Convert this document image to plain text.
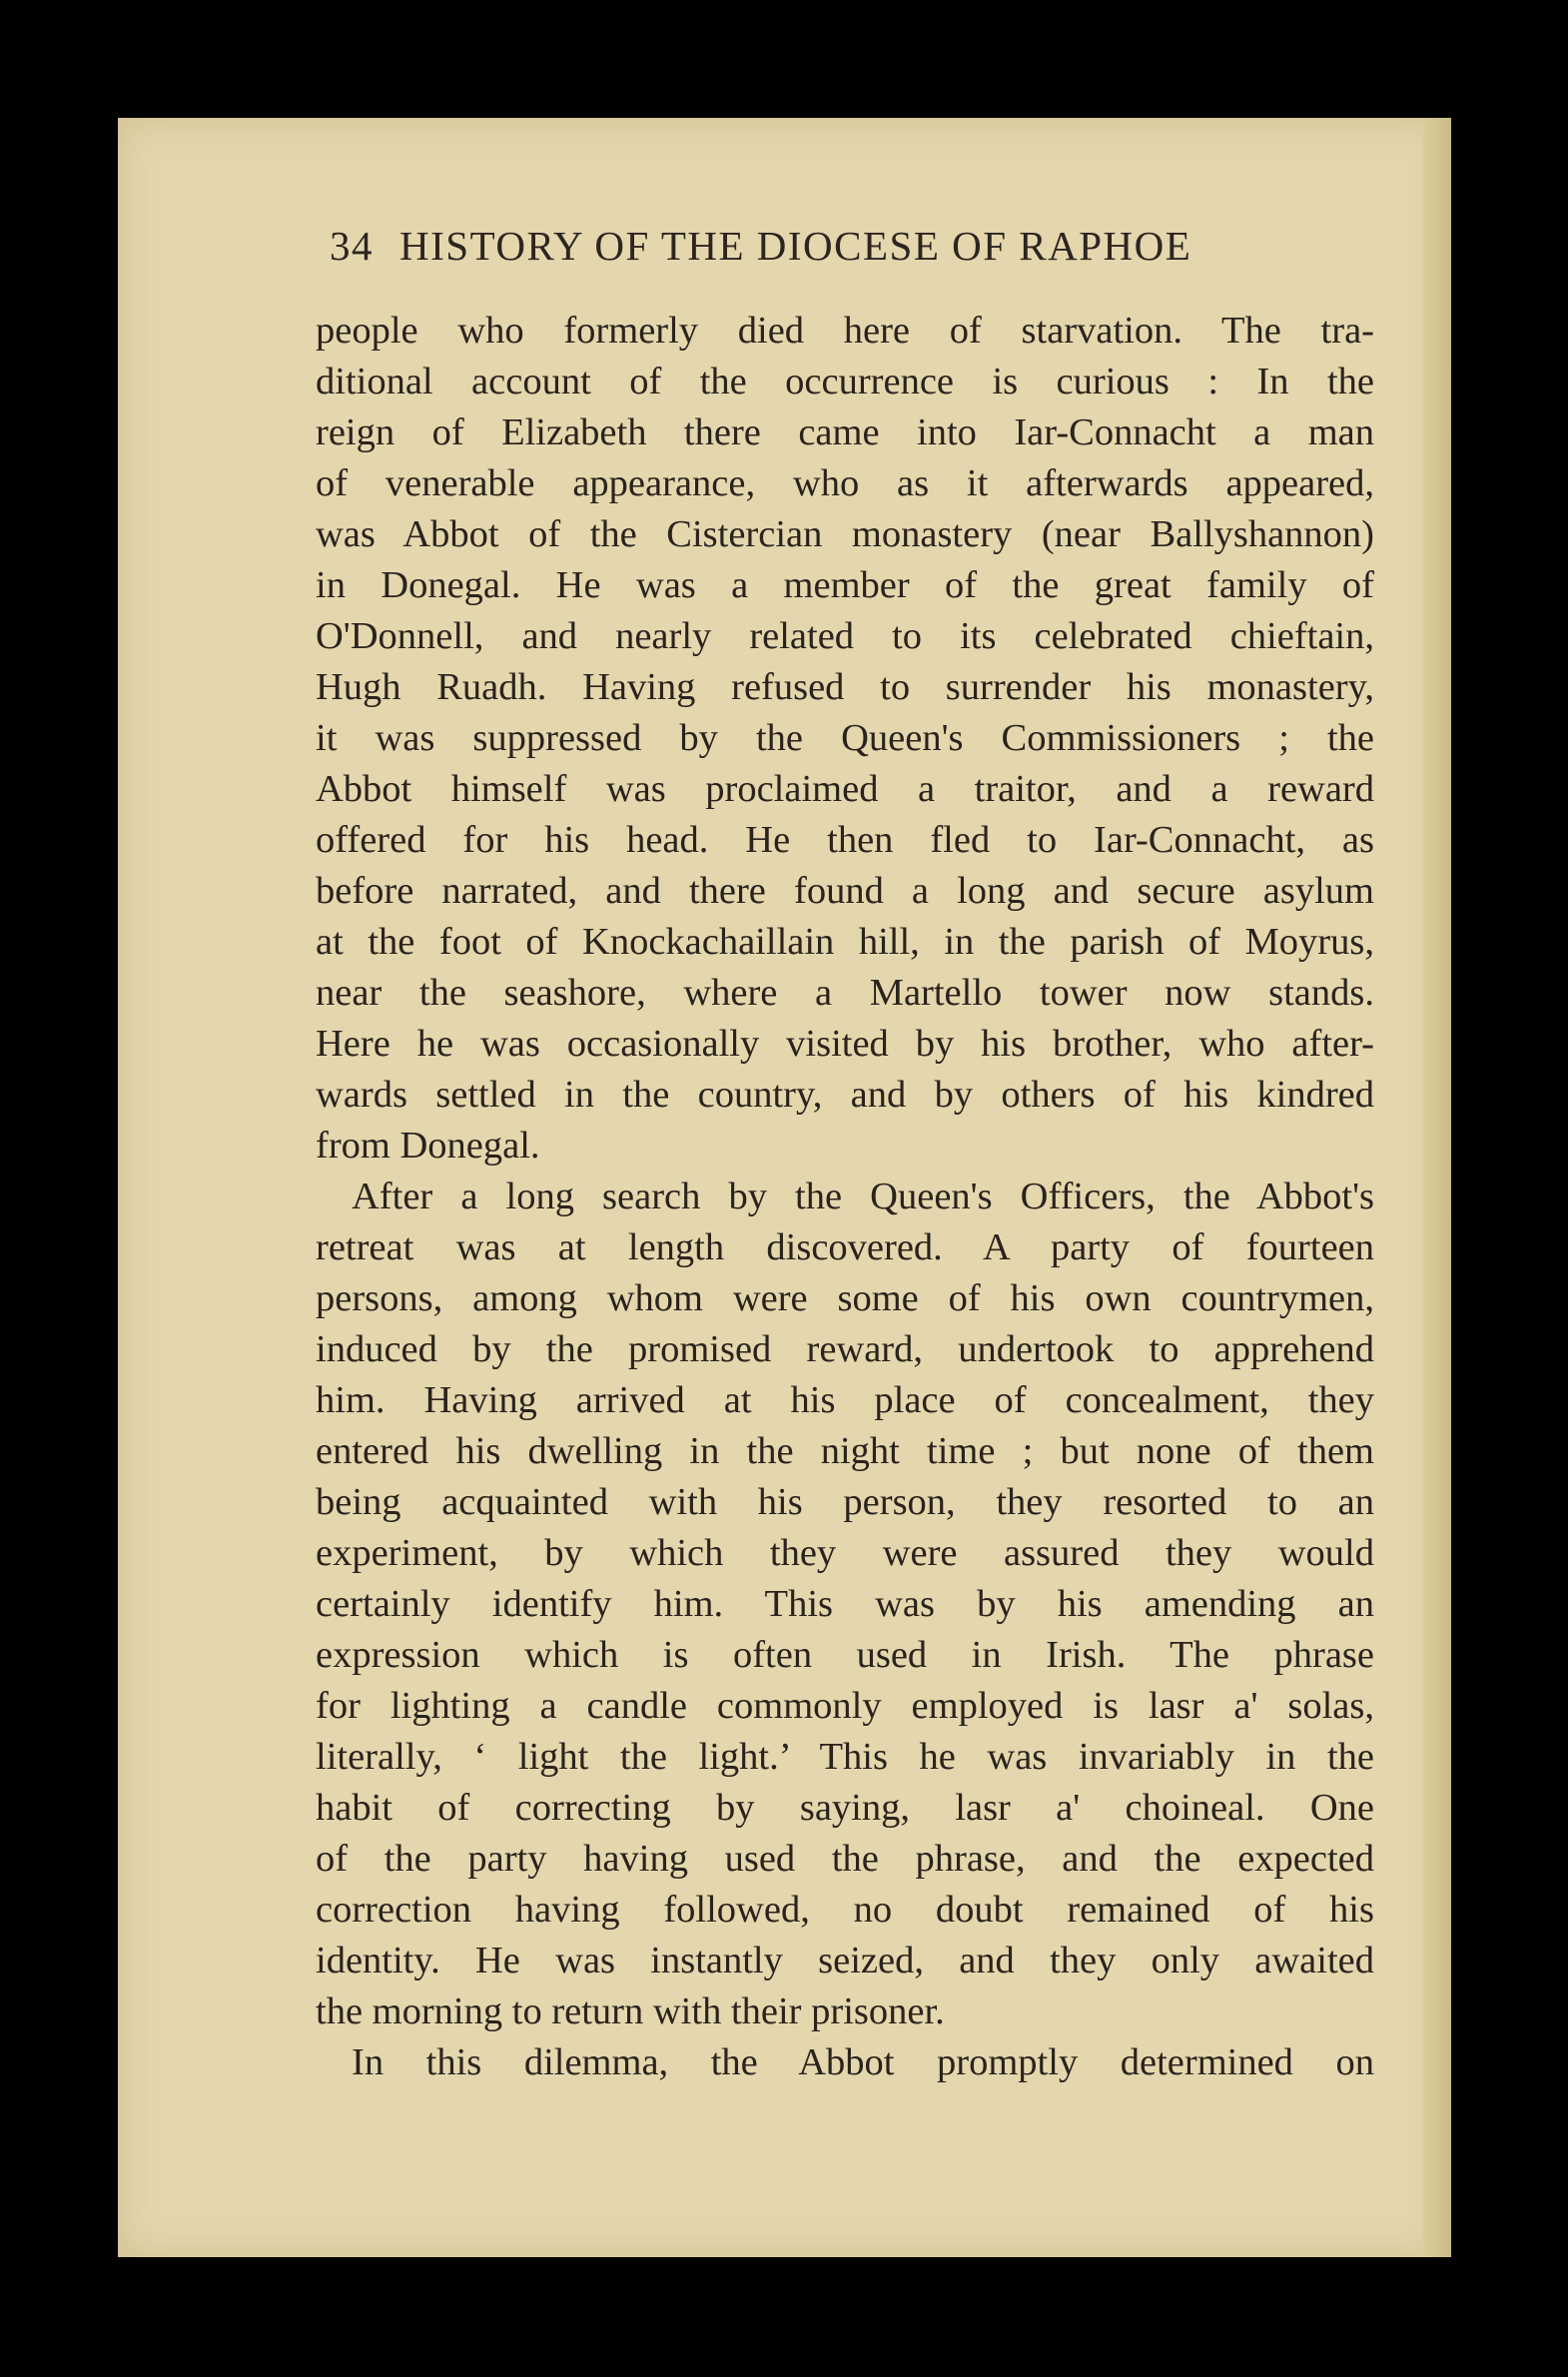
34 HISTORY OF THE DIOCESE OF RAPHOE
people who formerly died here of starvation. The tra-
ditional account of the occurrence is curious : In the
reign of Elizabeth there came into Iar-Connacht a man
of venerable appearance, who as it afterwards appeared,
was Abbot of the Cistercian monastery (near Ballyshannon)
in Donegal. He was a member of the great family of
O'Donnell, and nearly related to its celebrated chieftain,
Hugh Ruadh. Having refused to surrender his monastery,
it was suppressed by the Queen's Commissioners ; the
Abbot himself was proclaimed a traitor, and a reward
offered for his head. He then fled to Iar-Connacht, as
before narrated, and there found a long and secure asylum
at the foot of Knockachaillain hill, in the parish of Moyrus,
near the seashore, where a Martello tower now stands.
Here he was occasionally visited by his brother, who after-
wards settled in the country, and by others of his kindred
from Donegal.
After a long search by the Queen's Officers, the Abbot's
retreat was at length discovered. A party of fourteen
persons, among whom were some of his own countrymen,
induced by the promised reward, undertook to apprehend
him. Having arrived at his place of concealment, they
entered his dwelling in the night time ; but none of them
being acquainted with his person, they resorted to an
experiment, by which they were assured they would
certainly identify him. This was by his amending an
expression which is often used in Irish. The phrase
for lighting a candle commonly employed is lasr a' solas,
literally, ‘ light the light.’ This he was invariably in the
habit of correcting by saying, lasr a' choineal. One
of the party having used the phrase, and the expected
correction having followed, no doubt remained of his
identity. He was instantly seized, and they only awaited
the morning to return with their prisoner.
In this dilemma, the Abbot promptly determined on
